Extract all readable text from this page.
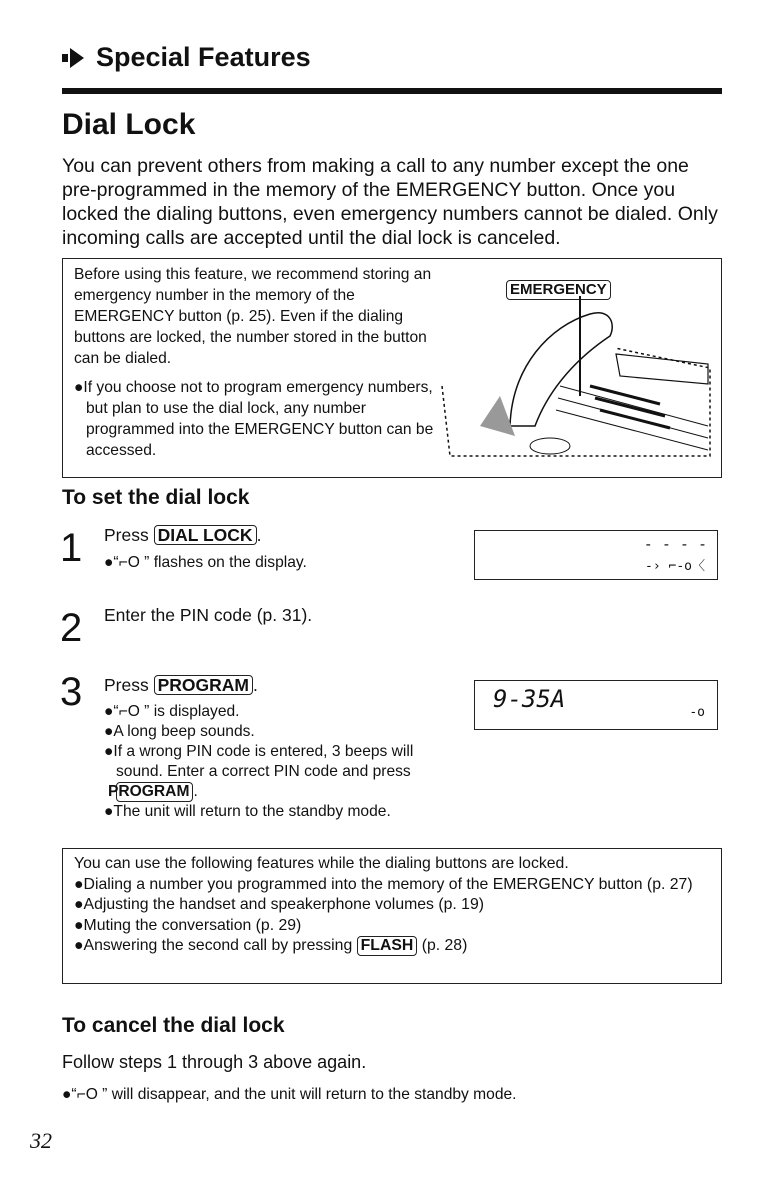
Special Features
Dial Lock
You can prevent others from making a call to any number except the one pre-programmed in the memory of the EMERGENCY button. Once you locked the dialing buttons, even emergency numbers cannot be dialed. Only incoming calls are accepted until the dial lock is canceled.
Before using this feature, we recommend storing an emergency number in the memory of the EMERGENCY button (p. 25). Even if the dialing buttons are locked, the number stored in the button can be dialed.
●If you choose not to program emergency numbers, but plan to use the dial lock, any number programmed into the EMERGENCY button can be accessed.
EMERGENCY
To set the dial lock
1 Press DIAL LOCK .
●“⌐O ” flashes on the display.
- - - -
-› ⌐-o〈
2 Enter the PIN code (p. 31).
3 Press PROGRAM .
●“⌐O ” is displayed.
●A long beep sounds.
●If a wrong PIN code is entered, 3 beeps will sound. Enter a correct PIN code and press PROGRAM .
●The unit will return to the standby mode.
9-35A	-o
You can use the following features while the dialing buttons are locked.
●Dialing a number you programmed into the memory of the EMERGENCY button (p. 27)
●Adjusting the handset and speakerphone volumes (p. 19)
●Muting the conversation (p. 29)
●Answering the second call by pressing FLASH (p. 28)
To cancel the dial lock
Follow steps 1 through 3 above again.
●“⌐O ” will disappear, and the unit will return to the standby mode.
32
